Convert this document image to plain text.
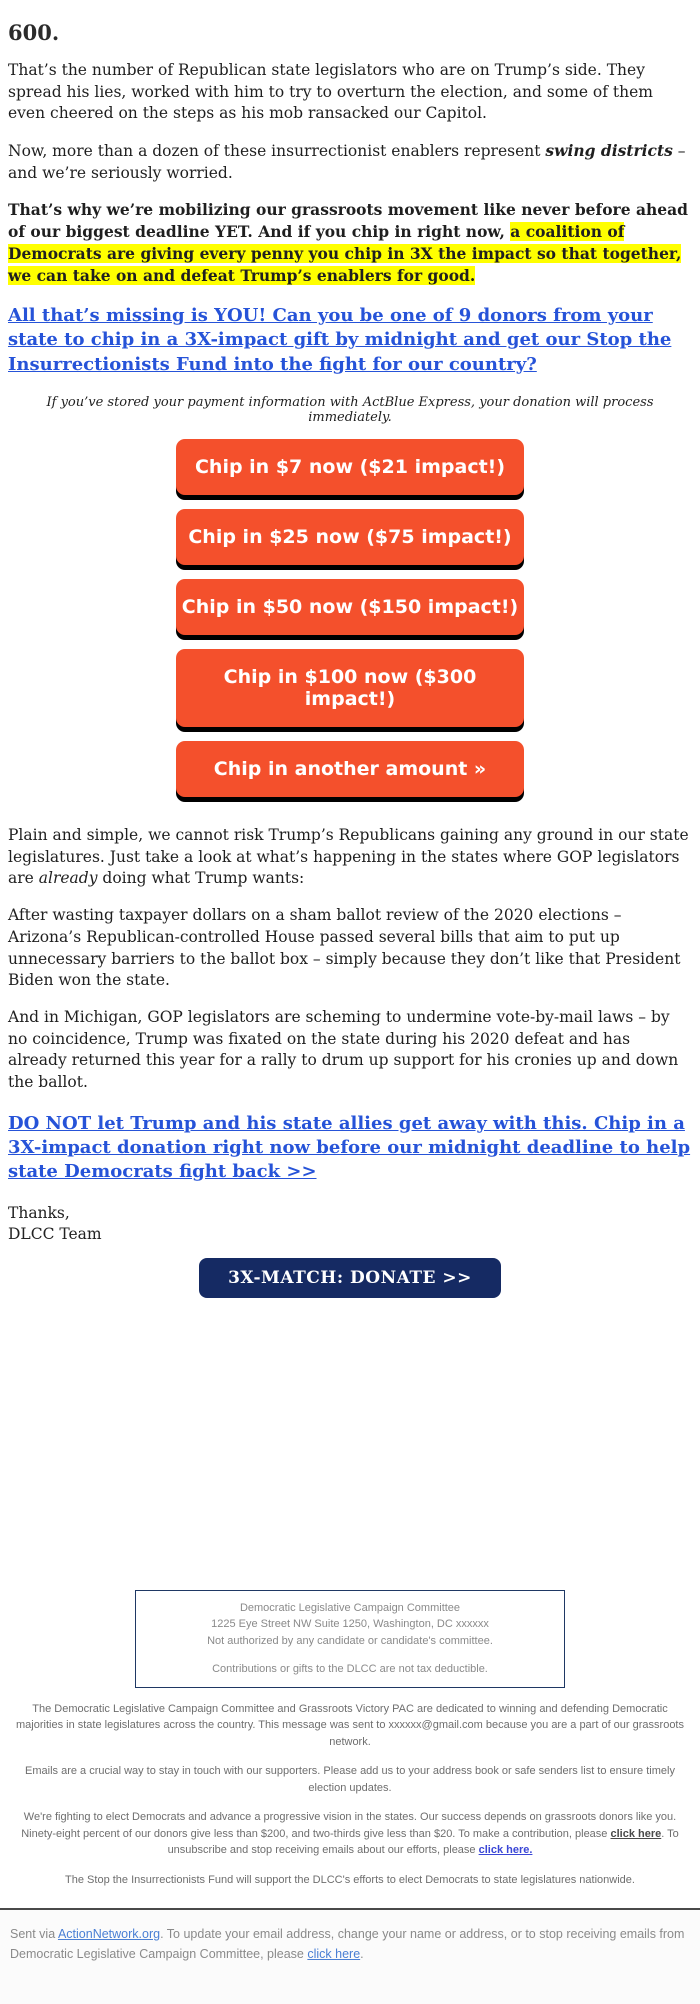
600.

That’s the number of Republican state legislators who are on Trump’s side. They spread his lies, worked with him to try to overturn the election, and some of them even cheered on the steps as his mob ransacked our Capitol.

Now, more than a dozen of these insurrectionist enablers represent swing districts – and we’re seriously worried.

That’s why we’re mobilizing our grassroots movement like never before ahead of our biggest deadline YET. And if you chip in right now, a coalition of Democrats are giving every penny you chip in 3X the impact so that together, we can take on and defeat Trump’s enablers for good.

All that’s missing is YOU! Can you be one of 9 donors from your state to chip in a 3X-impact gift by midnight and get our Stop the Insurrectionists Fund into the fight for our country?

If you’ve stored your payment information with ActBlue Express, your donation will process immediately.

Chip in $7 now ($21 impact!)
Chip in $25 now ($75 impact!)
Chip in $50 now ($150 impact!)
Chip in $100 now ($300 impact!)
Chip in another amount »

Plain and simple, we cannot risk Trump’s Republicans gaining any ground in our state legislatures. Just take a look at what’s happening in the states where GOP legislators are already doing what Trump wants:

After wasting taxpayer dollars on a sham ballot review of the 2020 elections – Arizona’s Republican-controlled House passed several bills that aim to put up unnecessary barriers to the ballot box – simply because they don’t like that President Biden won the state.

And in Michigan, GOP legislators are scheming to undermine vote-by-mail laws – by no coincidence, Trump was fixated on the state during his 2020 defeat and has already returned this year for a rally to drum up support for his cronies up and down the ballot.

DO NOT let Trump and his state allies get away with this. Chip in a 3X-impact donation right now before our midnight deadline to help state Democrats fight back >>

Thanks,
DLCC Team

3X-MATCH: DONATE >>
Democratic Legislative Campaign Committee
1225 Eye Street NW Suite 1250, Washington, DC xxxxxx
Not authorized by any candidate or candidate's committee.
Contributions or gifts to the DLCC are not tax deductible.

The Democratic Legislative Campaign Committee and Grassroots Victory PAC are dedicated to winning and defending Democratic majorities in state legislatures across the country. This message was sent to xxxxxx@gmail.com because you are a part of our grassroots network.

Emails are a crucial way to stay in touch with our supporters. Please add us to your address book or safe senders list to ensure timely election updates.

We're fighting to elect Democrats and advance a progressive vision in the states. Our success depends on grassroots donors like you. Ninety-eight percent of our donors give less than $200, and two-thirds give less than $20. To make a contribution, please click here. To unsubscribe and stop receiving emails about our efforts, please click here.

The Stop the Insurrectionists Fund will support the DLCC's efforts to elect Democrats to state legislatures nationwide.

Sent via ActionNetwork.org. To update your email address, change your name or address, or to stop receiving emails from Democratic Legislative Campaign Committee, please click here.
